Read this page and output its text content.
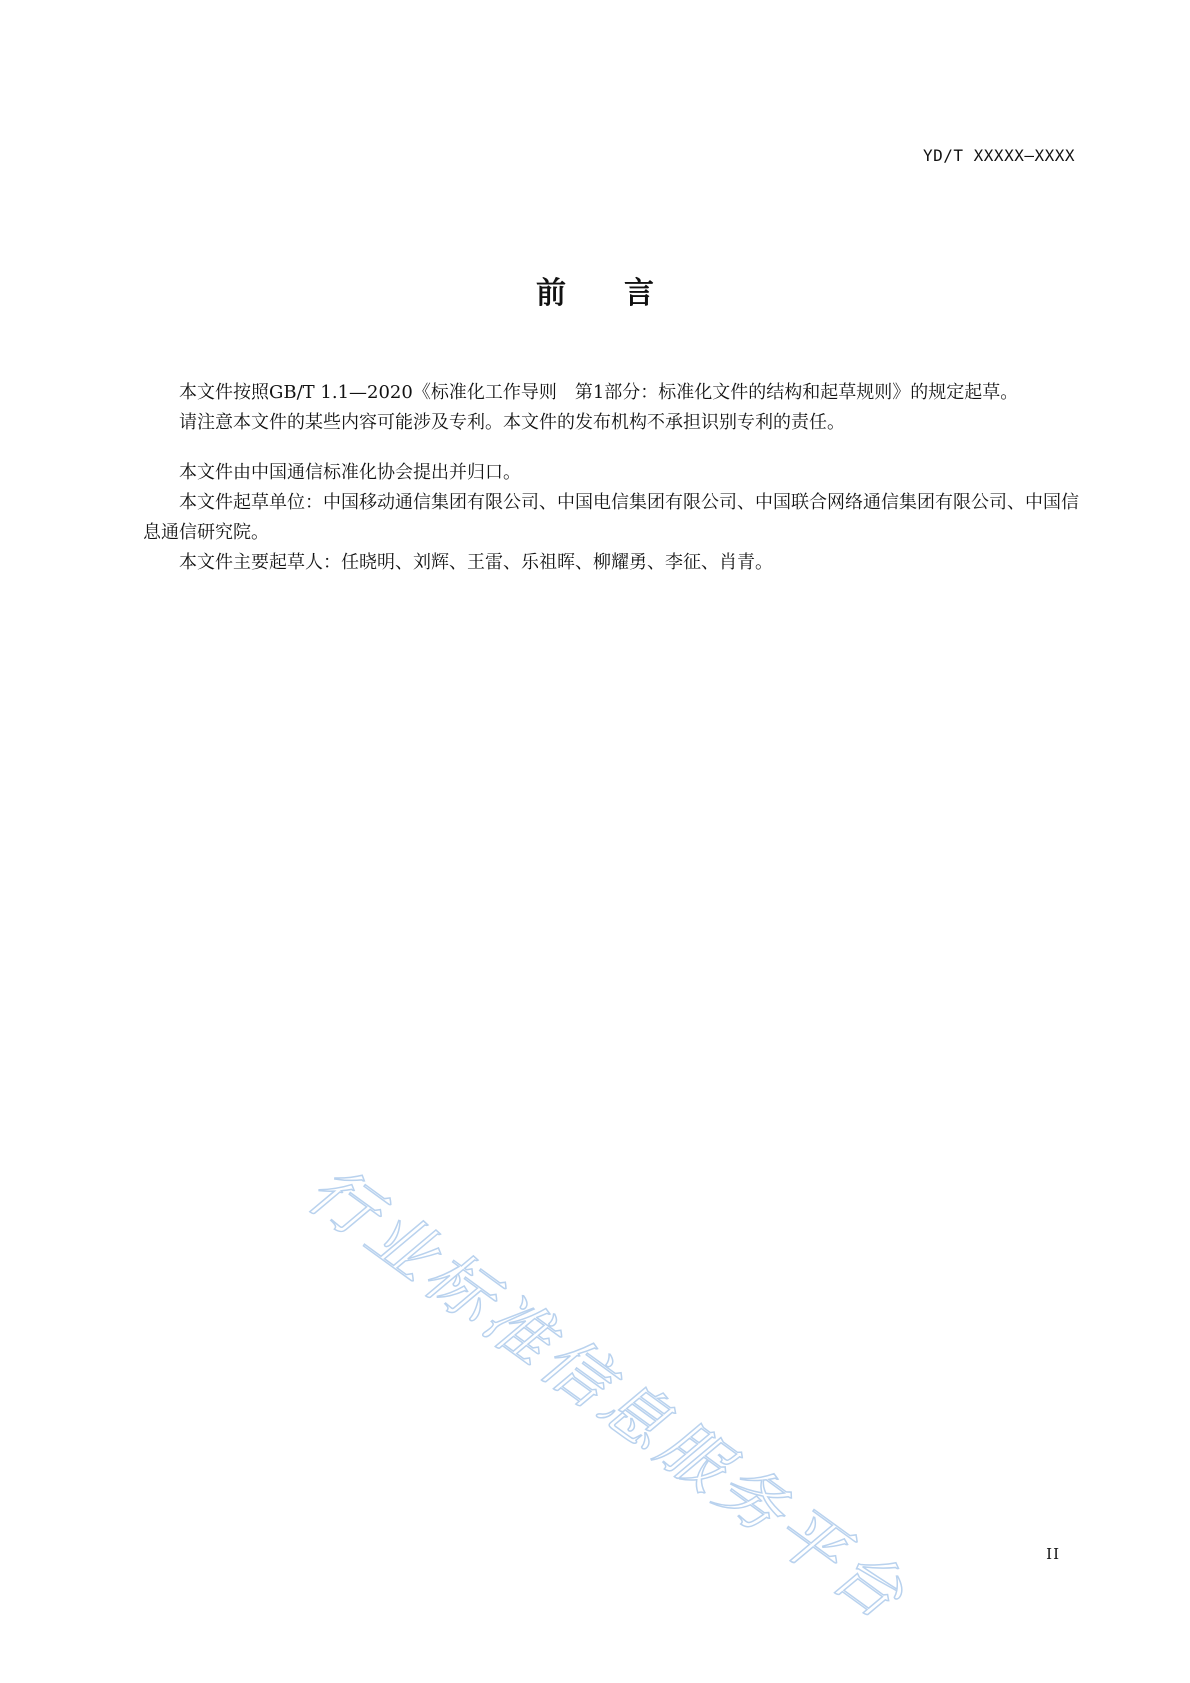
YD/T XXXXX—XXXX
前言

本文件按照GB/T 1.1—2020《标准化工作导则　第1部分：标准化文件的结构和起草规则》的规定起草。

请注意本文件的某些内容可能涉及专利。本文件的发布机构不承担识别专利的责任。

本文件由中国通信标准化协会提出并归口。

本文件起草单位：中国移动通信集团有限公司、中国电信集团有限公司、中国联合网络通信集团有限公司、中国信息通信研究院。

本文件主要起草人：任晓明、刘辉、王雷、乐祖晖、柳耀勇、李征、肖青。

行业标准信息服务平台	II
